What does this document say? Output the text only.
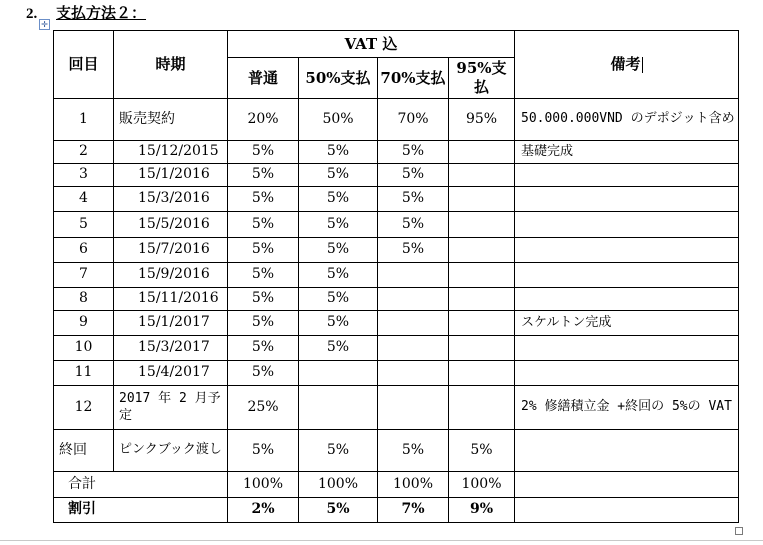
2. 支払方法２：
✛
回目	時期	VAT 込				備考
		普通	50%支払	70%支払	95%支払	
1	販売契約	20%	50%	70%	95%	50.000.000VND のデポジット含め
2	15/12/2015	5%	5%	5%		基礎完成
3	15/1/2016	5%	5%	5%		
4	15/3/2016	5%	5%	5%		
5	15/5/2016	5%	5%	5%		
6	15/7/2016	5%	5%	5%		
7	15/9/2016	5%	5%			
8	15/11/2016	5%	5%			
9	15/1/2017	5%	5%			スケルトン完成
10	15/3/2017	5%	5%			
11	15/4/2017	5%				
12	2017 年 2 月予定	25%				2% 修繕積立金 +終回の 5%の VAT
終回	ピンクブック渡し	5%	5%	5%	5%	
合計		100%	100%	100%	100%	
割引		2%	5%	7%	9%	
